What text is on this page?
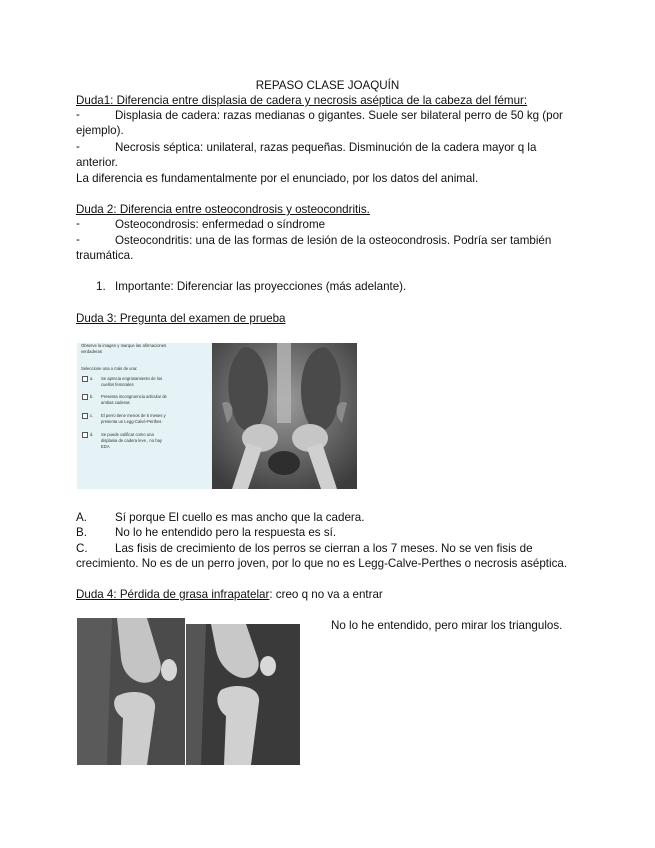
REPASO CLASE JOAQUÍN
Duda1: Diferencia entre displasia de cadera y necrosis aséptica de la cabeza del fémur:
-	Displasia de cadera: razas medianas o gigantes. Suele ser bilateral perro de 50 kg (por
ejemplo).
-	Necrosis séptica: unilateral, razas pequeñas. Disminución de la cadera mayor q la
anterior.
La diferencia es fundamentalmente por el enunciado, por los datos del animal.
Duda 2: Diferencia entre osteocondrosis y osteocondritis.
-	Osteocondrosis: enfermedad o síndrome
-	Osteocondritis: una de las formas de lesión de la osteocondrosis. Podría ser también
traumática.
1. Importante: Diferenciar las proyecciones (más adelante).
Duda 3: Pregunta del examen de prueba
Observe la imagen y marque las afirmaciones
verdaderas
Seleccione una o más de una:
a. Se aprecia engrosamiento de los
cuellos femorales
b. Presenta incongruencia articular de
ambas caderas
c. El perro tiene menos de 5 meses y
presenta un Legg-Calvé-Perthes
d. Se puede calificar como una
displasia de cadera leve , no hay
EDA
A. Sí porque El cuello es mas ancho que la cadera.
B. No lo he entendido pero la respuesta es sí.
C. Las fisis de crecimiento de los perros se cierran a los 7 meses. No se ven fisis de
crecimiento. No es de un perro joven, por lo que no es Legg-Calve-Perthes o necrosis aséptica.
Duda 4: Pérdida de grasa infrapatelar: creo q no va a entrar
No lo he entendido, pero mirar los triangulos.
